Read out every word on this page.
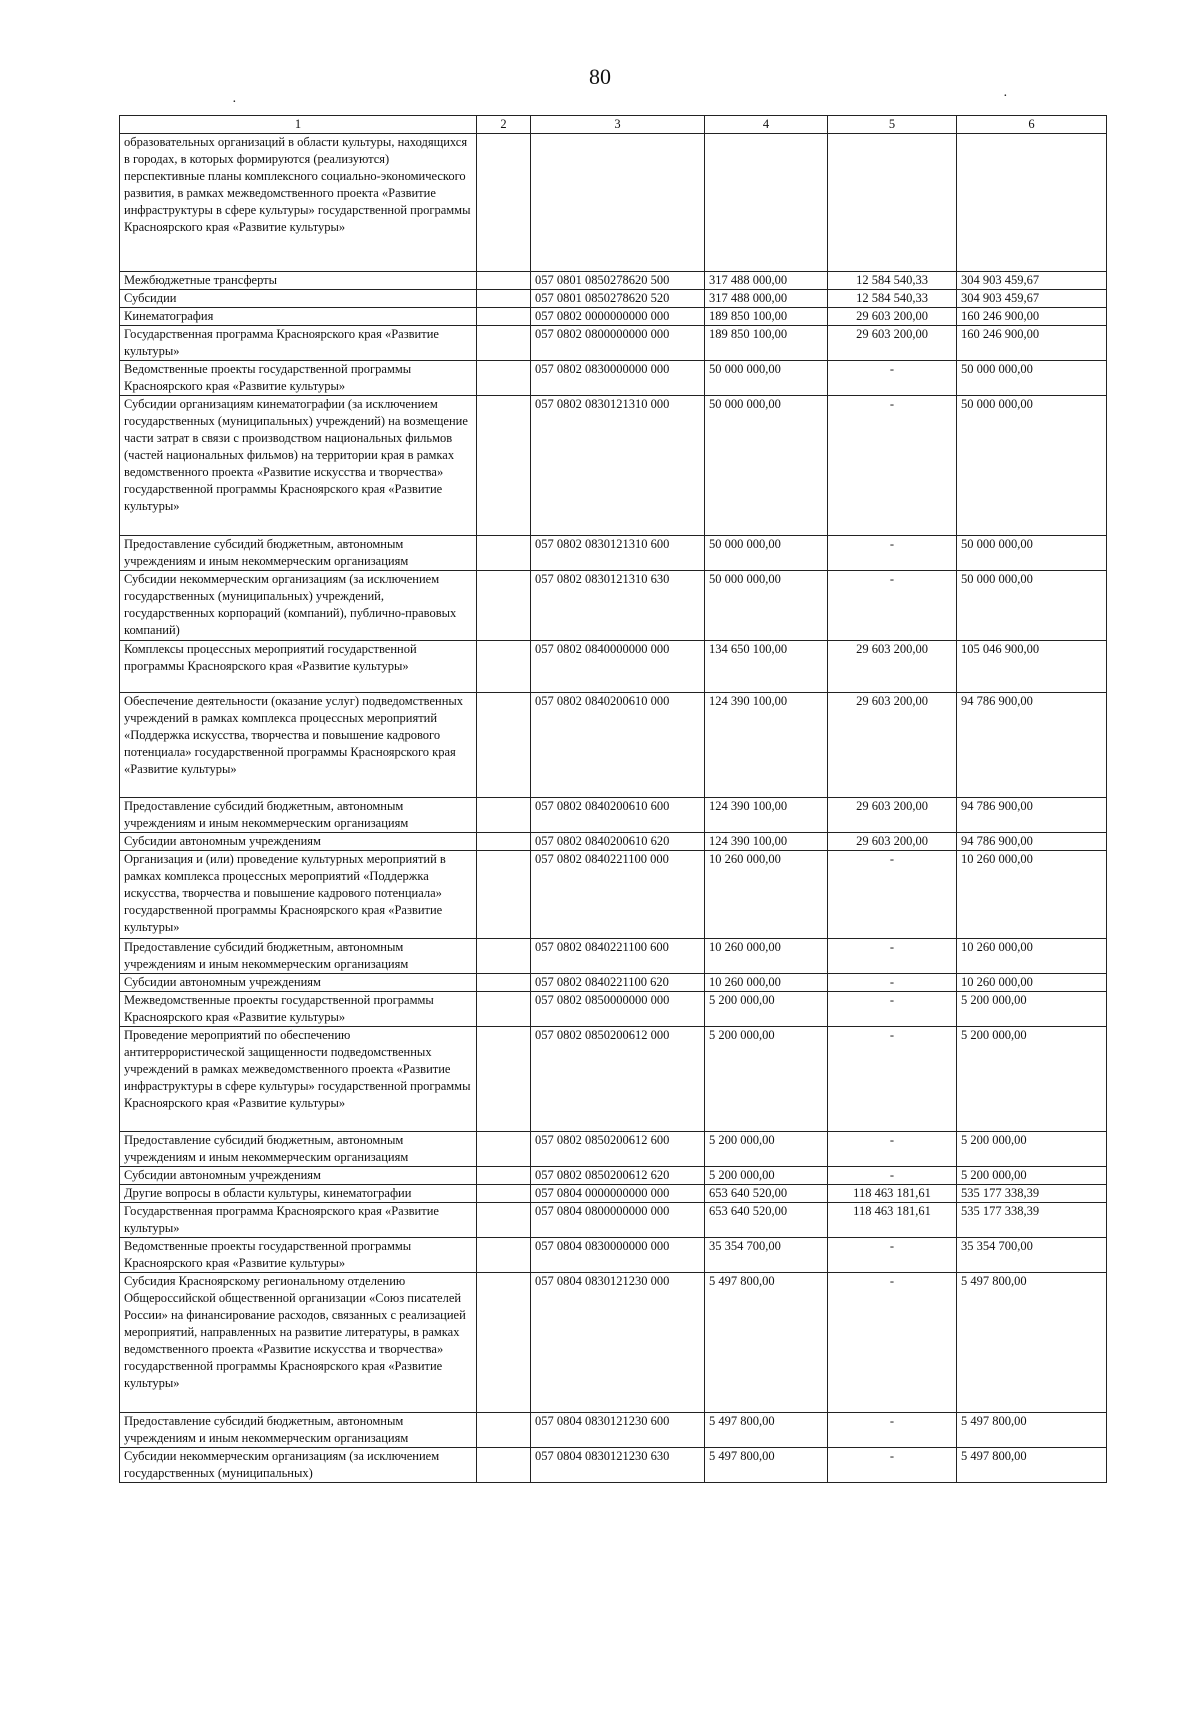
80
·	·
1	2	3	4	5	6
образовательных организаций в области культуры, находящихся в городах, в которых формируются (реализуются) перспективные планы комплексного социально-экономического развития, в рамках межведомственного проекта «Развитие инфраструктуры в сфере культуры» государственной программы Красноярского края «Развитие культуры»					
Межбюджетные трансферты		057 0801 0850278620 500	317 488 000,00	12 584 540,33	304 903 459,67
Субсидии		057 0801 0850278620 520	317 488 000,00	12 584 540,33	304 903 459,67
Кинематография		057 0802 0000000000 000	189 850 100,00	29 603 200,00	160 246 900,00
Государственная программа Красноярского края «Развитие культуры»		057 0802 0800000000 000	189 850 100,00	29 603 200,00	160 246 900,00
Ведомственные проекты государственной программы Красноярского края «Развитие культуры»		057 0802 0830000000 000	50 000 000,00	-	50 000 000,00
Субсидии организациям кинематографии (за исключением государственных (муниципальных) учреждений) на возмещение части затрат в связи с производством национальных фильмов (частей национальных фильмов) на территории края в рамках ведомственного проекта «Развитие искусства и творчества» государственной программы Красноярского края «Развитие культуры»		057 0802 0830121310 000	50 000 000,00	-	50 000 000,00
Предоставление субсидий бюджетным, автономным учреждениям и иным некоммерческим организациям		057 0802 0830121310 600	50 000 000,00	-	50 000 000,00
Субсидии некоммерческим организациям (за исключением государственных (муниципальных) учреждений, государственных корпораций (компаний), публично-правовых компаний)		057 0802 0830121310 630	50 000 000,00	-	50 000 000,00
Комплексы процессных мероприятий государственной программы Красноярского края «Развитие культуры»		057 0802 0840000000 000	134 650 100,00	29 603 200,00	105 046 900,00
Обеспечение деятельности (оказание услуг) подведомственных учреждений в рамках комплекса процессных мероприятий «Поддержка искусства, творчества и повышение кадрового потенциала» государственной программы Красноярского края «Развитие культуры»		057 0802 0840200610 000	124 390 100,00	29 603 200,00	94 786 900,00
Предоставление субсидий бюджетным, автономным учреждениям и иным некоммерческим организациям		057 0802 0840200610 600	124 390 100,00	29 603 200,00	94 786 900,00
Субсидии автономным учреждениям		057 0802 0840200610 620	124 390 100,00	29 603 200,00	94 786 900,00
Организация и (или) проведение культурных мероприятий в рамках комплекса процессных мероприятий «Поддержка искусства, творчества и повышение кадрового потенциала» государственной программы Красноярского края «Развитие культуры»		057 0802 0840221100 000	10 260 000,00	-	10 260 000,00
Предоставление субсидий бюджетным, автономным учреждениям и иным некоммерческим организациям		057 0802 0840221100 600	10 260 000,00	-	10 260 000,00
Субсидии автономным учреждениям		057 0802 0840221100 620	10 260 000,00	-	10 260 000,00
Межведомственные проекты государственной программы Красноярского края «Развитие культуры»		057 0802 0850000000 000	5 200 000,00	-	5 200 000,00
Проведение мероприятий по обеспечению антитеррористической защищенности подведомственных учреждений в рамках межведомственного проекта «Развитие инфраструктуры в сфере культуры» государственной программы Красноярского края «Развитие культуры»		057 0802 0850200612 000	5 200 000,00	-	5 200 000,00
Предоставление субсидий бюджетным, автономным учреждениям и иным некоммерческим организациям		057 0802 0850200612 600	5 200 000,00	-	5 200 000,00
Субсидии автономным учреждениям		057 0802 0850200612 620	5 200 000,00	-	5 200 000,00
Другие вопросы в области культуры, кинематографии		057 0804 0000000000 000	653 640 520,00	118 463 181,61	535 177 338,39
Государственная программа Красноярского края «Развитие культуры»		057 0804 0800000000 000	653 640 520,00	118 463 181,61	535 177 338,39
Ведомственные проекты государственной программы Красноярского края «Развитие культуры»		057 0804 0830000000 000	35 354 700,00	-	35 354 700,00
Субсидия Красноярскому региональному отделению Общероссийской общественной организации «Союз писателей России» на финансирование расходов, связанных с реализацией мероприятий, направленных на развитие литературы, в рамках ведомственного проекта «Развитие искусства и творчества» государственной программы Красноярского края «Развитие культуры»		057 0804 0830121230 000	5 497 800,00	-	5 497 800,00
Предоставление субсидий бюджетным, автономным учреждениям и иным некоммерческим организациям		057 0804 0830121230 600	5 497 800,00	-	5 497 800,00
Субсидии некоммерческим организациям (за исключением государственных (муниципальных)		057 0804 0830121230 630	5 497 800,00	-	5 497 800,00
